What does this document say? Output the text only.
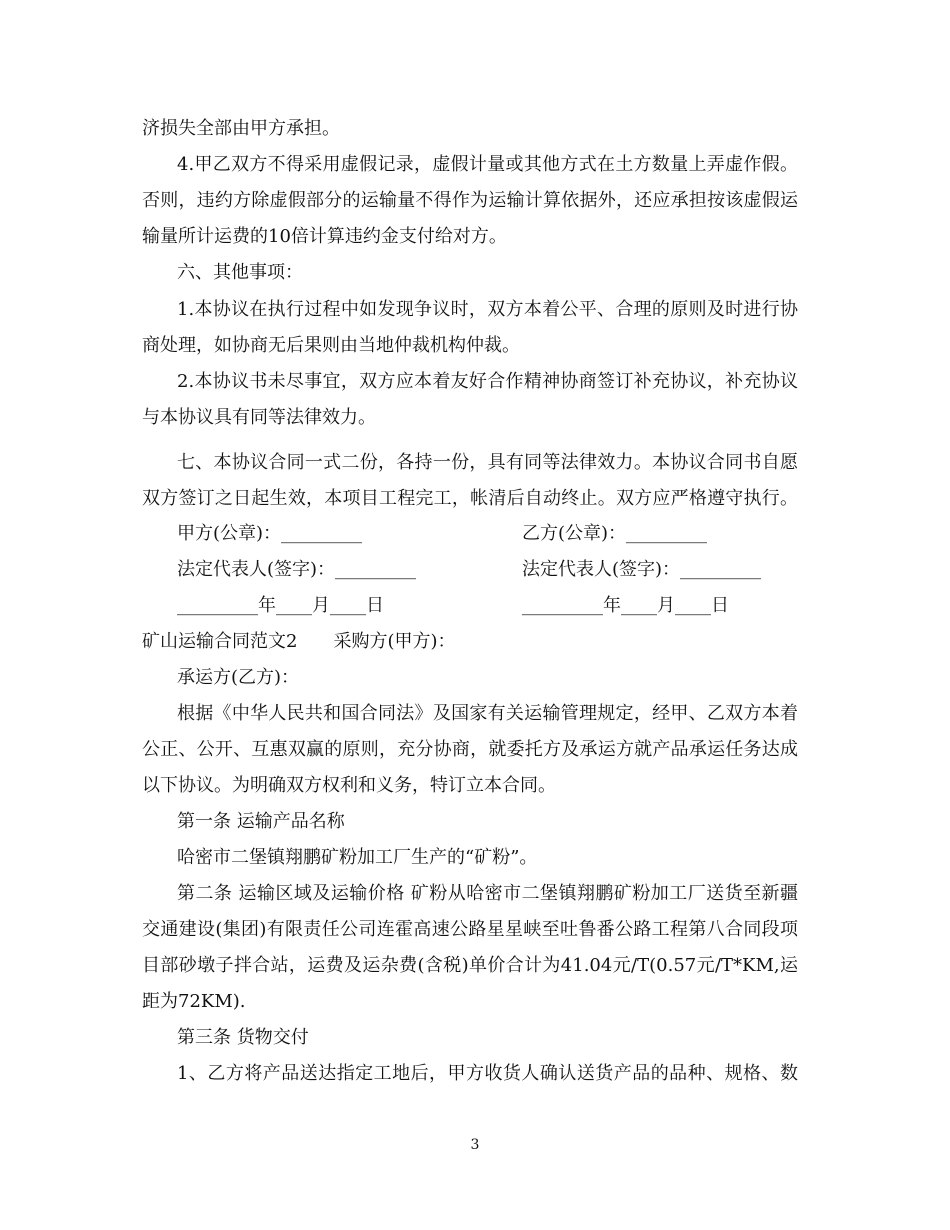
济损失全部由甲方承担。
4.甲乙双方不得采用虚假记录，虚假计量或其他方式在土方数量上弄虚作假。
否则，违约方除虚假部分的运输量不得作为运输计算依据外，还应承担按该虚假运
输量所计运费的10倍计算违约金支付给对方。
六、其他事项：
1.本协议在执行过程中如发现争议时，双方本着公平、合理的原则及时进行协
商处理，如协商无后果则由当地仲裁机构仲裁。
2.本协议书未尽事宜，双方应本着友好合作精神协商签订补充协议，补充协议
与本协议具有同等法律效力。
七、本协议合同一式二份，各持一份，具有同等法律效力。本协议合同书自愿
双方签订之日起生效，本项目工程完工，帐清后自动终止。双方应严格遵守执行。
甲方(公章)：_________	乙方(公章)：_________
法定代表人(签字)：_________	法定代表人(签字)：_________
_________年____月____日	_________年____月____日
矿山运输合同范文2　　采购方(甲方)：
承运方(乙方)：
根据《中华人民共和国合同法》及国家有关运输管理规定，经甲、乙双方本着
公正、公开、互惠双赢的原则，充分协商，就委托方及承运方就产品承运任务达成
以下协议。为明确双方权利和义务，特订立本合同。
第一条 运输产品名称
哈密市二堡镇翔鹏矿粉加工厂生产的“矿粉”。
第二条 运输区域及运输价格 矿粉从哈密市二堡镇翔鹏矿粉加工厂送货至新疆
交通建设(集团)有限责任公司连霍高速公路星星峡至吐鲁番公路工程第八合同段项
目部砂墩子拌合站，运费及运杂费(含税)单价合计为41.04元/T(0.57元/T*KM,运
距为72KM).
第三条 货物交付
1、乙方将产品送达指定工地后，甲方收货人确认送货产品的品种、规格、数
3
